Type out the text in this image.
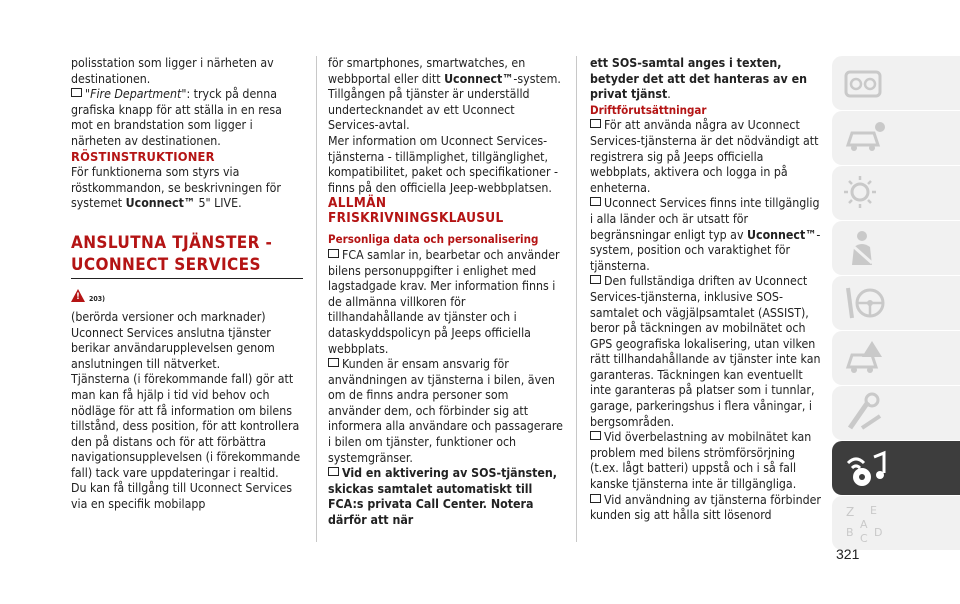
polisstation som ligger i närheten av destinationen.

"Fire Department": tryck på denna grafiska knapp för att ställa in en resa mot en brandstation som ligger i närheten av destinationen.

RÖSTINSTRUKTIONER

För funktionerna som styrs via röstkommandon, se beskrivningen för systemet Uconnect™ 5" LIVE.

ANSLUTNA TJÄNSTER - UCONNECT SERVICES
! 203)

(berörda versioner och marknader)

Uconnect Services anslutna tjänster berikar användarupplevelsen genom anslutningen till nätverket.

Tjänsterna (i förekommande fall) gör att man kan få hjälp i tid vid behov och nödläge för att få information om bilens tillstånd, dess position, för att kontrollera den på distans och för att förbättra navigationsupplevelsen (i förekommande fall) tack vare uppdateringar i realtid.

Du kan få tillgång till Uconnect Services via en specifik mobilapp

för smartphones, smartwatches, en webbportal eller ditt Uconnect™-system.

Tillgången på tjänster är underställd undertecknandet av ett Uconnect Services-avtal.

Mer information om Uconnect Services-tjänsterna - tillämplighet, tillgänglighet, kompatibilitet, paket och specifikationer - finns på den officiella Jeep-webbplatsen.

ALLMÄN FRISKRIVNINGSKLAUSUL

Personliga data och personalisering

FCA samlar in, bearbetar och använder bilens personuppgifter i enlighet med lagstadgade krav. Mer information finns i de allmänna villkoren för tillhandahållande av tjänster och i dataskyddspolicyn på Jeeps officiella webbplats.

Kunden är ensam ansvarig för användningen av tjänsterna i bilen, även om de finns andra personer som använder dem, och förbinder sig att informera alla användare och passagerare i bilen om tjänster, funktioner och systemgränser.

Vid en aktivering av SOS-tjänsten, skickas samtalet automatiskt till FCA:s privata Call Center. Notera därför att när

ett SOS-samtal anges i texten, betyder det att det hanteras av en privat tjänst.

Driftförutsättningar

För att använda några av Uconnect Services-tjänsterna är det nödvändigt att registrera sig på Jeeps officiella webbplats, aktivera och logga in på enheterna.

Uconnect Services finns inte tillgänglig i alla länder och är utsatt för begränsningar enligt typ av Uconnect™-system, position och varaktighet för tjänsterna.

Den fullständiga driften av Uconnect Services-tjänsterna, inklusive SOS-samtalet och vägjälpsamtalet (ASSIST), beror på täckningen av mobilnätet och GPS geografiska lokalisering, utan vilken rätt tillhandahållande av tjänster inte kan garanteras. Täckningen kan eventuellt inte garanteras på platser som i tunnlar, garage, parkeringshus i flera våningar, i bergsområden.

Vid överbelastning av mobilnätet kan problem med bilens strömförsörjning (t.ex. lågt batteri) uppstå och i så fall kanske tjänsterna inte är tillgängliga.

Vid användning av tjänsterna förbinder kunden sig att hålla sitt lösenord	Z E
A
B C D
321
